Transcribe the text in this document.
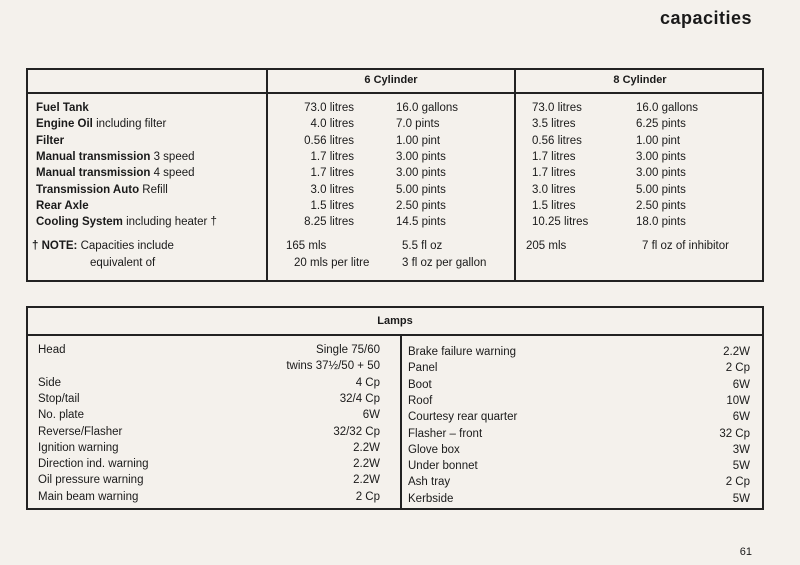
capacities
6 Cylinder	8 Cylinder
Fuel Tank	73.0 litres	16.0 gallons	73.0 litres	16.0 gallons
Engine Oil including filter	4.0 litres	7.0 pints	3.5 litres	6.25 pints
Filter	0.56 litres	1.00 pint	0.56 litres	1.00 pint
Manual transmission 3 speed	1.7 litres	3.00 pints	1.7 litres	3.00 pints
Manual transmission 4 speed	1.7 litres	3.00 pints	1.7 litres	3.00 pints
Transmission Auto Refill	3.0 litres	5.00 pints	3.0 litres	5.00 pints
Rear Axle	1.5 litres	2.50 pints	1.5 litres	2.50 pints
Cooling System including heater †	8.25 litres	14.5 pints	10.25 litres	18.0 pints
† NOTE: Capacities include	165 mls	5.5 fl oz	205 mls	7 fl oz of inhibitor
equivalent of	20 mls per litre	3 fl oz per gallon
Lamps
Head	Single 75/60
twins 37½/50 + 50
Side	4 Cp
Stop/tail	32/4 Cp
No. plate	6W
Reverse/Flasher	32/32 Cp
Ignition warning	2.2W
Direction ind. warning	2.2W
Oil pressure warning	2.2W
Main beam warning	2 Cp
Brake failure warning	2.2W
Panel	2 Cp
Boot	6W
Roof	10W
Courtesy rear quarter	6W
Flasher – front	32 Cp
Glove box	3W
Under bonnet	5W
Ash tray	2 Cp
Kerbside	5W
61
